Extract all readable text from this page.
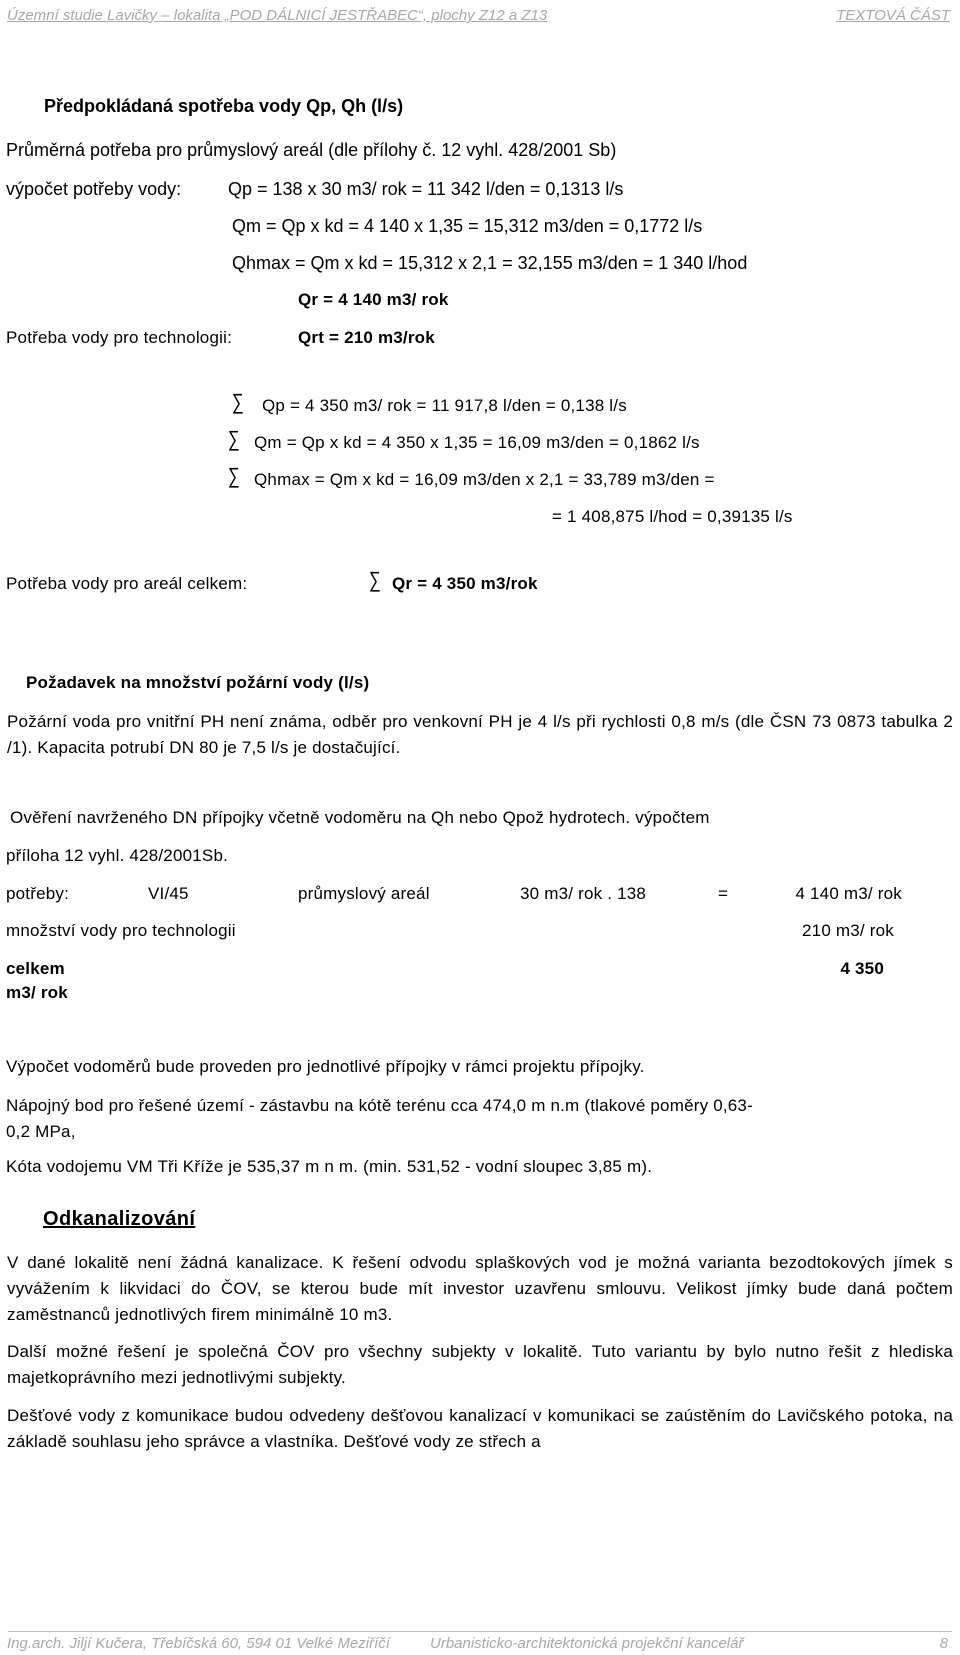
Územní studie Lavičky – lokalita „POD DÁLNICÍ JESTŘABEC“, plochy Z12 a Z13	TEXTOVÁ ČÁST
Předpokládaná spotřeba vody Qp, Qh (l/s)
Průměrná potřeba pro průmyslový areál (dle přílohy č. 12 vyhl. 428/2001 Sb)
výpočet potřeby vody:	Qp = 138 x 30 m3/ rok = 11 342 l/den = 0,1313 l/s
Qm = Qp x kd = 4 140 x 1,35 = 15,312 m3/den = 0,1772 l/s
Qhmax = Qm x kd = 15,312 x 2,1 = 32,155 m3/den = 1 340 l/hod
Qr = 4 140 m3/ rok
Potřeba vody pro technologii:	Qrt = 210 m3/rok
∑ Qp = 4 350 m3/ rok = 11 917,8 l/den = 0,138 l/s
∑ Qm = Qp x kd = 4 350 x 1,35 = 16,09 m3/den = 0,1862 l/s
∑ Qhmax = Qm x kd = 16,09 m3/den x 2,1 = 33,789 m3/den =
= 1 408,875 l/hod = 0,39135 l/s
Potřeba vody pro areál celkem:	∑ Qr = 4 350 m3/rok
Požadavek na množství požární vody (l/s)
Požární voda pro vnitřní PH není známa, odběr pro venkovní PH je 4 l/s při rychlosti 0,8 m/s (dle ČSN 73 0873 tabulka 2 /1). Kapacita potrubí DN 80 je 7,5 l/s je dostačující.
Ověření navrženého DN přípojky včetně vodoměru na Qh nebo Qpož hydrotech. výpočtem
příloha 12 vyhl. 428/2001Sb.
potřeby:	VI/45	průmyslový areál	30 m3/ rok . 138	=	4 140 m3/ rok
množství vody pro technologii	210 m3/ rok
celkem	4 350
m3/ rok
Výpočet vodoměrů bude proveden pro jednotlivé přípojky v rámci projektu přípojky.
Nápojný bod pro řešené území - zástavbu na kótě terénu cca 474,0 m n.m (tlakové poměry 0,63-
0,2 MPa,
Kóta vodojemu VM Tři Kříže je 535,37 m n m. (min. 531,52 - vodní sloupec 3,85 m).
Odkanalizování
V dané lokalitě není žádná kanalizace. K řešení odvodu splaškových vod je možná varianta bezodtokových jímek s vyvážením k likvidaci do ČOV, se kterou bude mít investor uzavřenu smlouvu. Velikost jímky bude daná počtem zaměstnanců jednotlivých firem minimálně 10 m3.
Další možné řešení je společná ČOV pro všechny subjekty v lokalitě. Tuto variantu by bylo nutno řešit z hlediska majetkoprávního mezi jednotlivými subjekty.
Dešťové vody z komunikace budou odvedeny dešťovou kanalizací v komunikaci se zaústěním do Lavičského potoka, na základě souhlasu jeho správce a vlastníka. Dešťové vody ze střech a
Ing.arch. Jiljí Kučera, Třebíčská 60, 594 01 Velké Meziříčí	Urbanisticko-architektonická projekční kancelář	8
